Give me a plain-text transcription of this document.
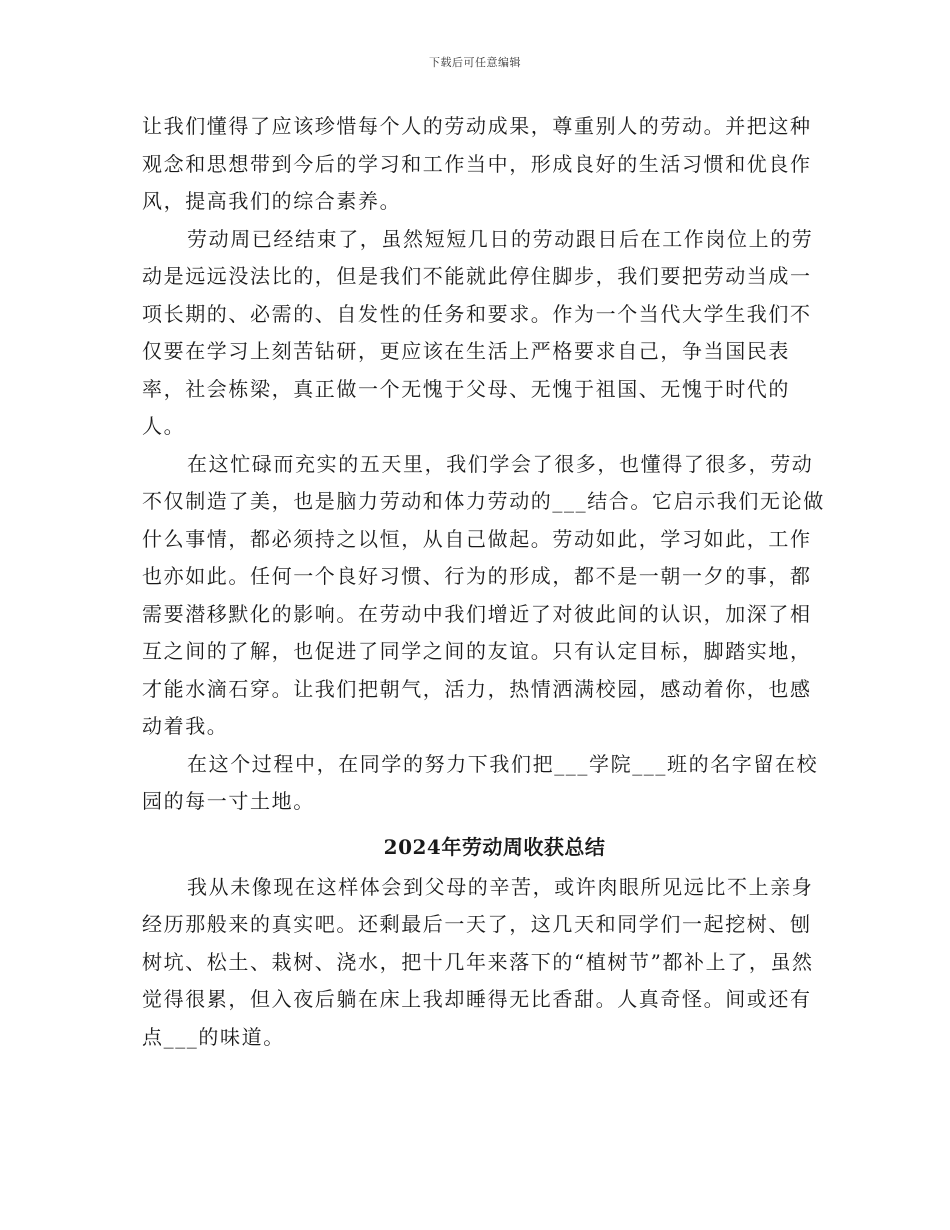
下载后可任意编辑

让我们懂得了应该珍惜每个人的劳动成果，尊重别人的劳动。并把这种观念和思想带到今后的学习和工作当中，形成良好的生活习惯和优良作风，提高我们的综合素养。

劳动周已经结束了，虽然短短几日的劳动跟日后在工作岗位上的劳动是远远没法比的，但是我们不能就此停住脚步，我们要把劳动当成一项长期的、必需的、自发性的任务和要求。作为一个当代大学生我们不仅要在学习上刻苦钻研，更应该在生活上严格要求自己，争当国民表率，社会栋梁，真正做一个无愧于父母、无愧于祖国、无愧于时代的人。

在这忙碌而充实的五天里，我们学会了很多，也懂得了很多，劳动不仅制造了美，也是脑力劳动和体力劳动的___结合。它启示我们无论做什么事情，都必须持之以恒，从自己做起。劳动如此，学习如此，工作也亦如此。任何一个良好习惯、行为的形成，都不是一朝一夕的事，都需要潜移默化的影响。在劳动中我们增近了对彼此间的认识，加深了相互之间的了解，也促进了同学之间的友谊。只有认定目标，脚踏实地，才能水滴石穿。让我们把朝气，活力，热情洒满校园，感动着你，也感动着我。

在这个过程中，在同学的努力下我们把___学院___班的名字留在校园的每一寸土地。

2024年劳动周收获总结

我从未像现在这样体会到父母的辛苦，或许肉眼所见远比不上亲身经历那般来的真实吧。还剩最后一天了，这几天和同学们一起挖树、刨树坑、松土、栽树、浇水，把十几年来落下的“植树节”都补上了，虽然觉得很累，但入夜后躺在床上我却睡得无比香甜。人真奇怪。间或还有点___的味道。
